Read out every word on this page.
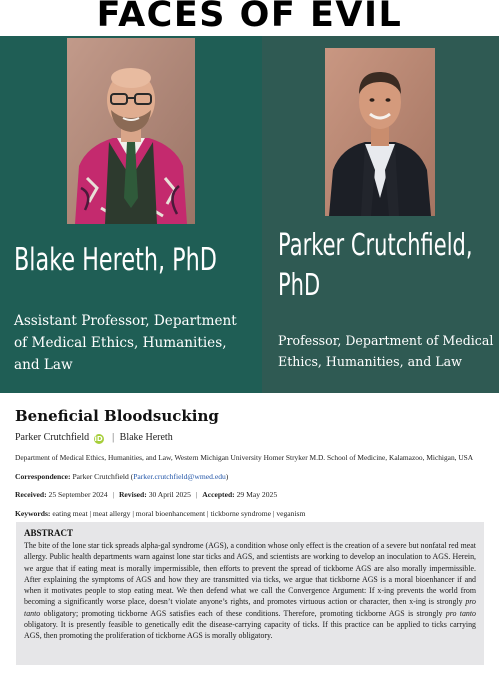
FACES OF EVIL
Blake Hereth, PhD
Assistant Professor, Department of Medical Ethics, Humanities, and Law
Parker Crutchfield,
PhD
Professor, Department of Medical Ethics, Humanities, and Law
Beneficial Bloodsucking
Parker Crutchfield iD | Blake Hereth
Department of Medical Ethics, Humanities, and Law, Western Michigan University Homer Stryker M.D. School of Medicine, Kalamazoo, Michigan, USA
Correspondence: Parker Crutchfield (Parker.crutchfield@wmed.edu)
Received: 25 September 2024 | Revised: 30 April 2025 | Accepted: 29 May 2025
Keywords: eating meat | meat allergy | moral bioenhancement | tickborne syndrome | veganism
ABSTRACT
The bite of the lone star tick spreads alpha-gal syndrome (AGS), a condition whose only effect is the creation of a severe but nonfatal red meat allergy. Public health departments warn against lone star ticks and AGS, and scientists are working to develop an inoculation to AGS. Herein, we argue that if eating meat is morally impermissible, then efforts to prevent the spread of tickborne AGS are also morally impermissible. After explaining the symptoms of AGS and how they are transmitted via ticks, we argue that tickborne AGS is a moral bioenhancer if and when it motivates people to stop eating meat. We then defend what we call the Convergence Argument: If x-ing prevents the world from becoming a significantly worse place, doesn’t violate anyone’s rights, and promotes virtuous action or character, then x-ing is strongly pro tanto obligatory; promoting tickborne AGS satisfies each of these conditions. Therefore, promoting tickborne AGS is strongly pro tanto obligatory. It is presently feasible to genetically edit the disease-carrying capacity of ticks. If this practice can be applied to ticks carrying AGS, then promoting the proliferation of tickborne AGS is morally obligatory.
